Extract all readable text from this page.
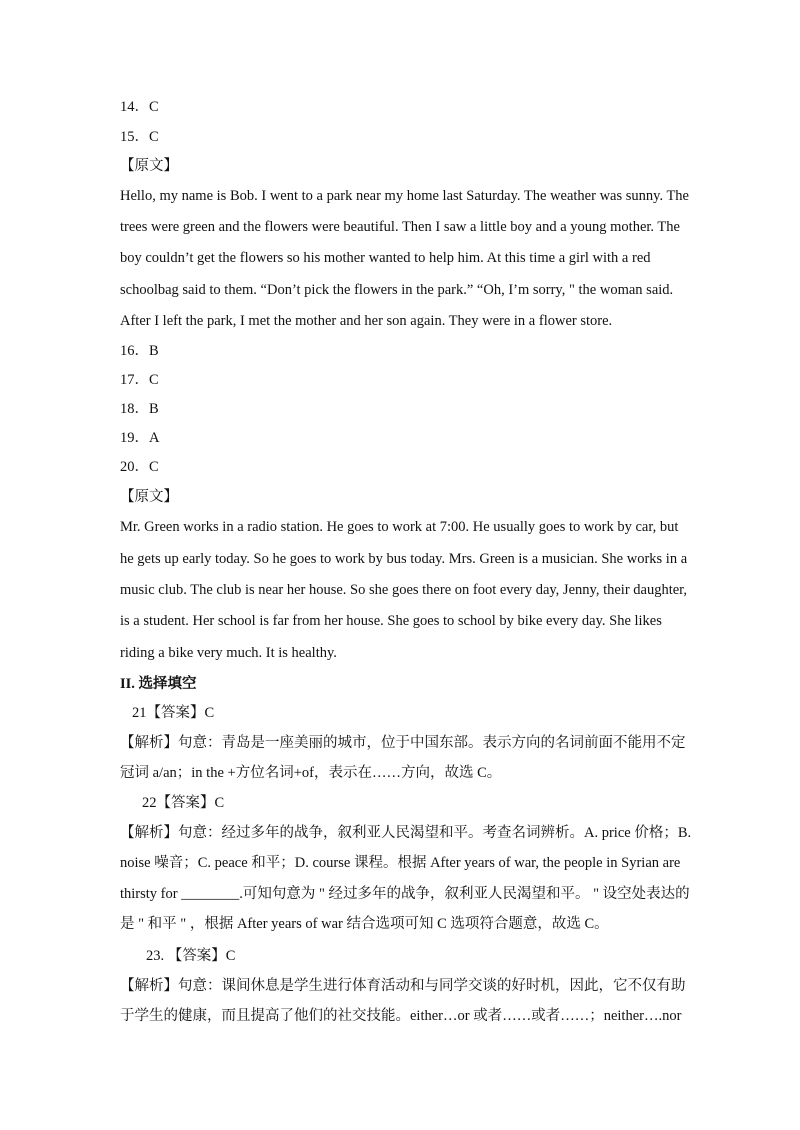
14．C
15．C
【原文】
Hello, my name is Bob. I went to a park near my home last Saturday. The weather was sunny. The
trees were green and the flowers were beautiful. Then I saw a little boy and a young mother. The
boy couldn’t get the flowers so his mother wanted to help him. At this time a girl with a red
schoolbag said to them. “Don’t pick the flowers in the park.” “Oh, I’m sorry, " the woman said.
After I left the park, I met the mother and her son again. They were in a flower store.
16．B
17．C
18．B
19．A
20．C
【原文】
Mr. Green works in a radio station. He goes to work at 7:00. He usually goes to work by car, but
he gets up early today. So he goes to work by bus today. Mrs. Green is a musician. She works in a
music club. The club is near her house. So she goes there on foot every day, Jenny, their daughter,
is a student. Her school is far from her house. She goes to school by bike every day. She likes
riding a bike very much. It is healthy.
II. 选择填空
21【答案】C
【解析】句意：青岛是一座美丽的城市，位于中国东部。表示方向的名词前面不能用不定
冠词 a/an；in the +方位名词+of，表示在……方向，故选 C。
22【答案】C
【解析】句意：经过多年的战争，叙利亚人民渴望和平。考查名词辨析。A. price 价格；B.
noise 噪音；C. peace 和平；D. course 课程。根据 After years of war, the people in Syrian are
thirsty for ________.可知句意为 " 经过多年的战争，叙利亚人民渴望和平。 " 设空处表达的
是 " 和平 " ，根据 After years of war 结合选项可知 C 选项符合题意，故选 C。
23. 【答案】C
【解析】句意：课间休息是学生进行体育活动和与同学交谈的好时机，因此，它不仅有助
于学生的健康，而且提高了他们的社交技能。either…or 或者……或者……；neither….nor
